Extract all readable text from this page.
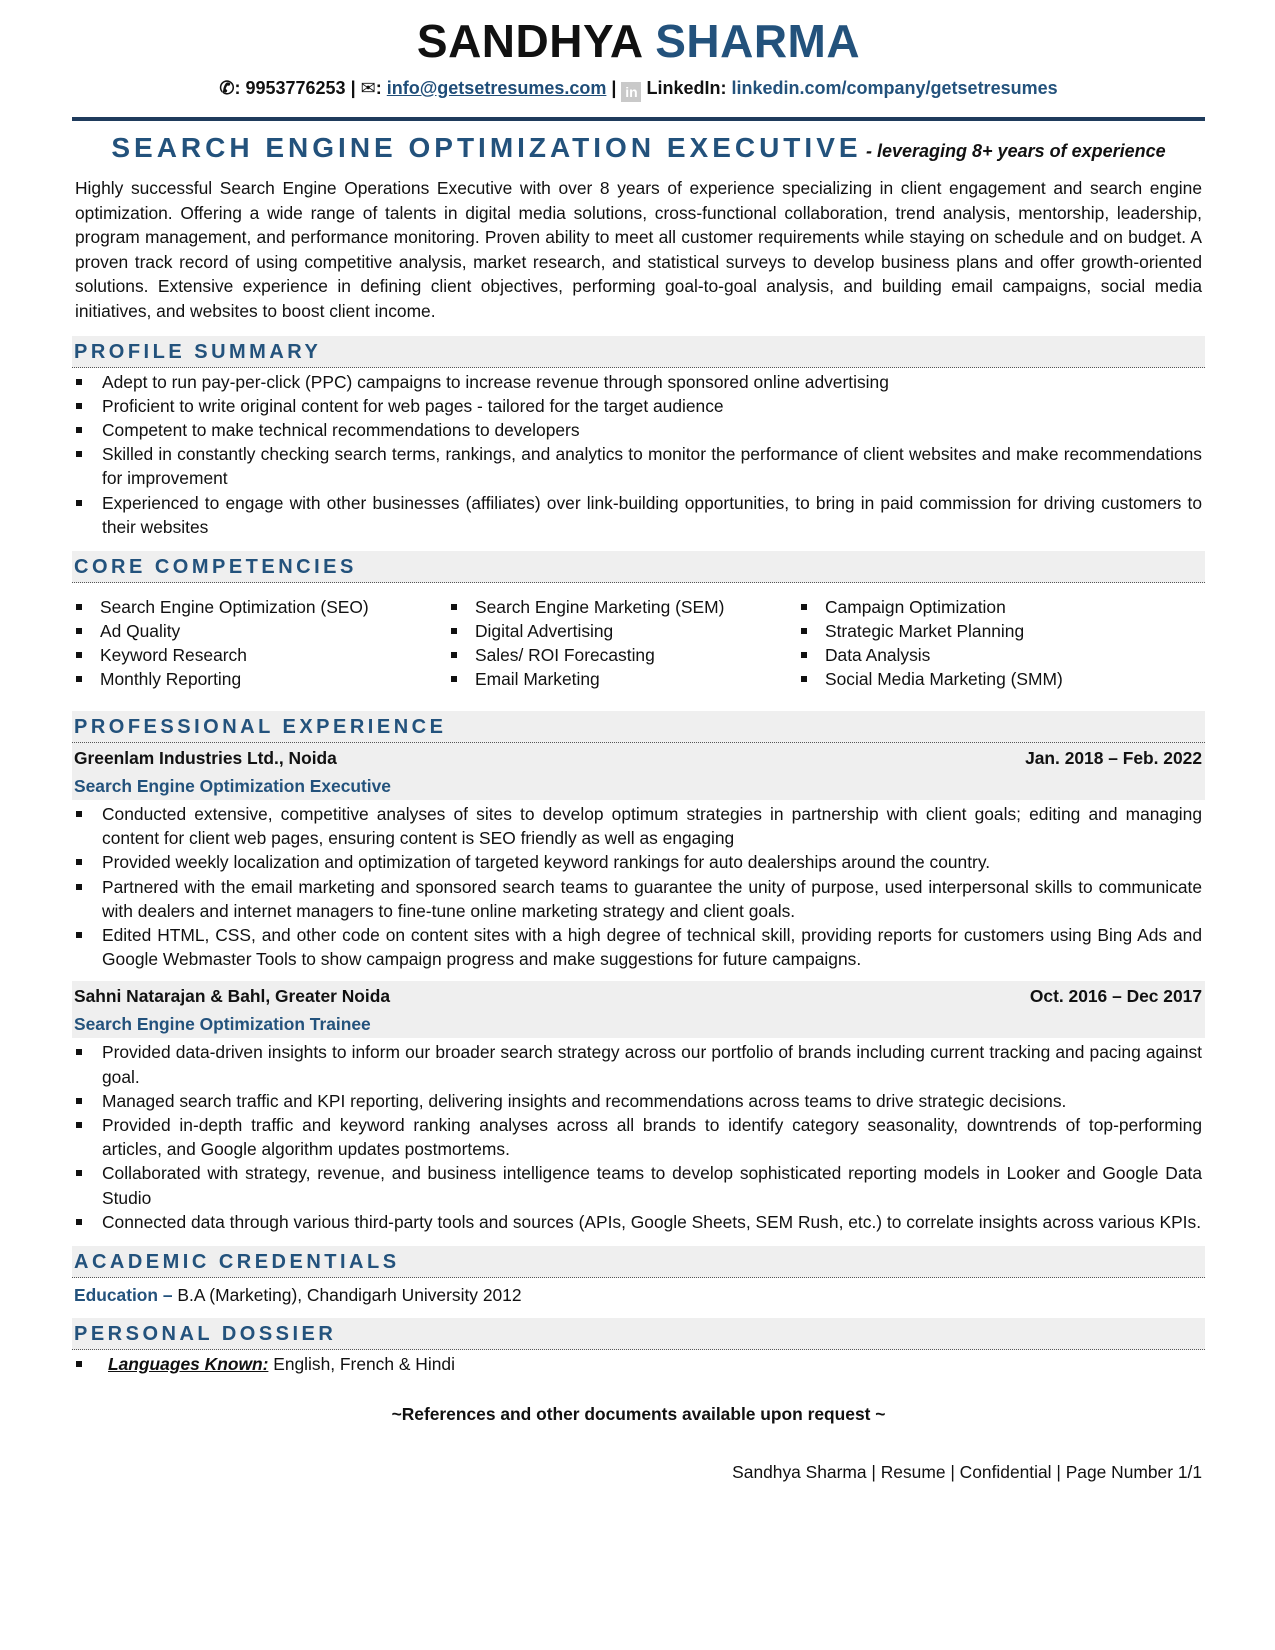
SANDHYA SHARMA
✆: 9953776253 | ✉: info@getsetresumes.com | in LinkedIn: linkedin.com/company/getsetresumes
SEARCH ENGINE OPTIMIZATION EXECUTIVE - leveraging 8+ years of experience

Highly successful Search Engine Operations Executive with over 8 years of experience specializing in client engagement and search engine optimization. Offering a wide range of talents in digital media solutions, cross-functional collaboration, trend analysis, mentorship, leadership, program management, and performance monitoring. Proven ability to meet all customer requirements while staying on schedule and on budget. A proven track record of using competitive analysis, market research, and statistical surveys to develop business plans and offer growth-oriented solutions. Extensive experience in defining client objectives, performing goal-to-goal analysis, and building email campaigns, social media initiatives, and websites to boost client income.

PROFILE SUMMARY
Adept to run pay-per-click (PPC) campaigns to increase revenue through sponsored online advertising
Proficient to write original content for web pages - tailored for the target audience
Competent to make technical recommendations to developers
Skilled in constantly checking search terms, rankings, and analytics to monitor the performance of client websites and make recommendations for improvement
Experienced to engage with other businesses (affiliates) over link-building opportunities, to bring in paid commission for driving customers to their websites
CORE COMPETENCIES
Search Engine Optimization (SEO)
Ad Quality
Keyword Research
Monthly Reporting
Search Engine Marketing (SEM)
Digital Advertising
Sales/ ROI Forecasting
Email Marketing
Campaign Optimization
Strategic Market Planning
Data Analysis
Social Media Marketing (SMM)
PROFESSIONAL EXPERIENCE
Greenlam Industries Ltd., Noida	Jan. 2018 – Feb. 2022
Search Engine Optimization Executive
Conducted extensive, competitive analyses of sites to develop optimum strategies in partnership with client goals; editing and managing content for client web pages, ensuring content is SEO friendly as well as engaging
Provided weekly localization and optimization of targeted keyword rankings for auto dealerships around the country.
Partnered with the email marketing and sponsored search teams to guarantee the unity of purpose, used interpersonal skills to communicate with dealers and internet managers to fine-tune online marketing strategy and client goals.
Edited HTML, CSS, and other code on content sites with a high degree of technical skill, providing reports for customers using Bing Ads and Google Webmaster Tools to show campaign progress and make suggestions for future campaigns.
Sahni Natarajan & Bahl, Greater Noida	Oct. 2016 – Dec 2017
Search Engine Optimization Trainee
Provided data-driven insights to inform our broader search strategy across our portfolio of brands including current tracking and pacing against goal.
Managed search traffic and KPI reporting, delivering insights and recommendations across teams to drive strategic decisions.
Provided in-depth traffic and keyword ranking analyses across all brands to identify category seasonality, downtrends of top-performing articles, and Google algorithm updates postmortems.
Collaborated with strategy, revenue, and business intelligence teams to develop sophisticated reporting models in Looker and Google Data Studio
Connected data through various third-party tools and sources (APIs, Google Sheets, SEM Rush, etc.) to correlate insights across various KPIs.
ACADEMIC CREDENTIALS
Education – B.A (Marketing), Chandigarh University 2012
PERSONAL DOSSIER
Languages Known: English, French & Hindi
~References and other documents available upon request ~
Sandhya Sharma | Resume | Confidential | Page Number 1/1
